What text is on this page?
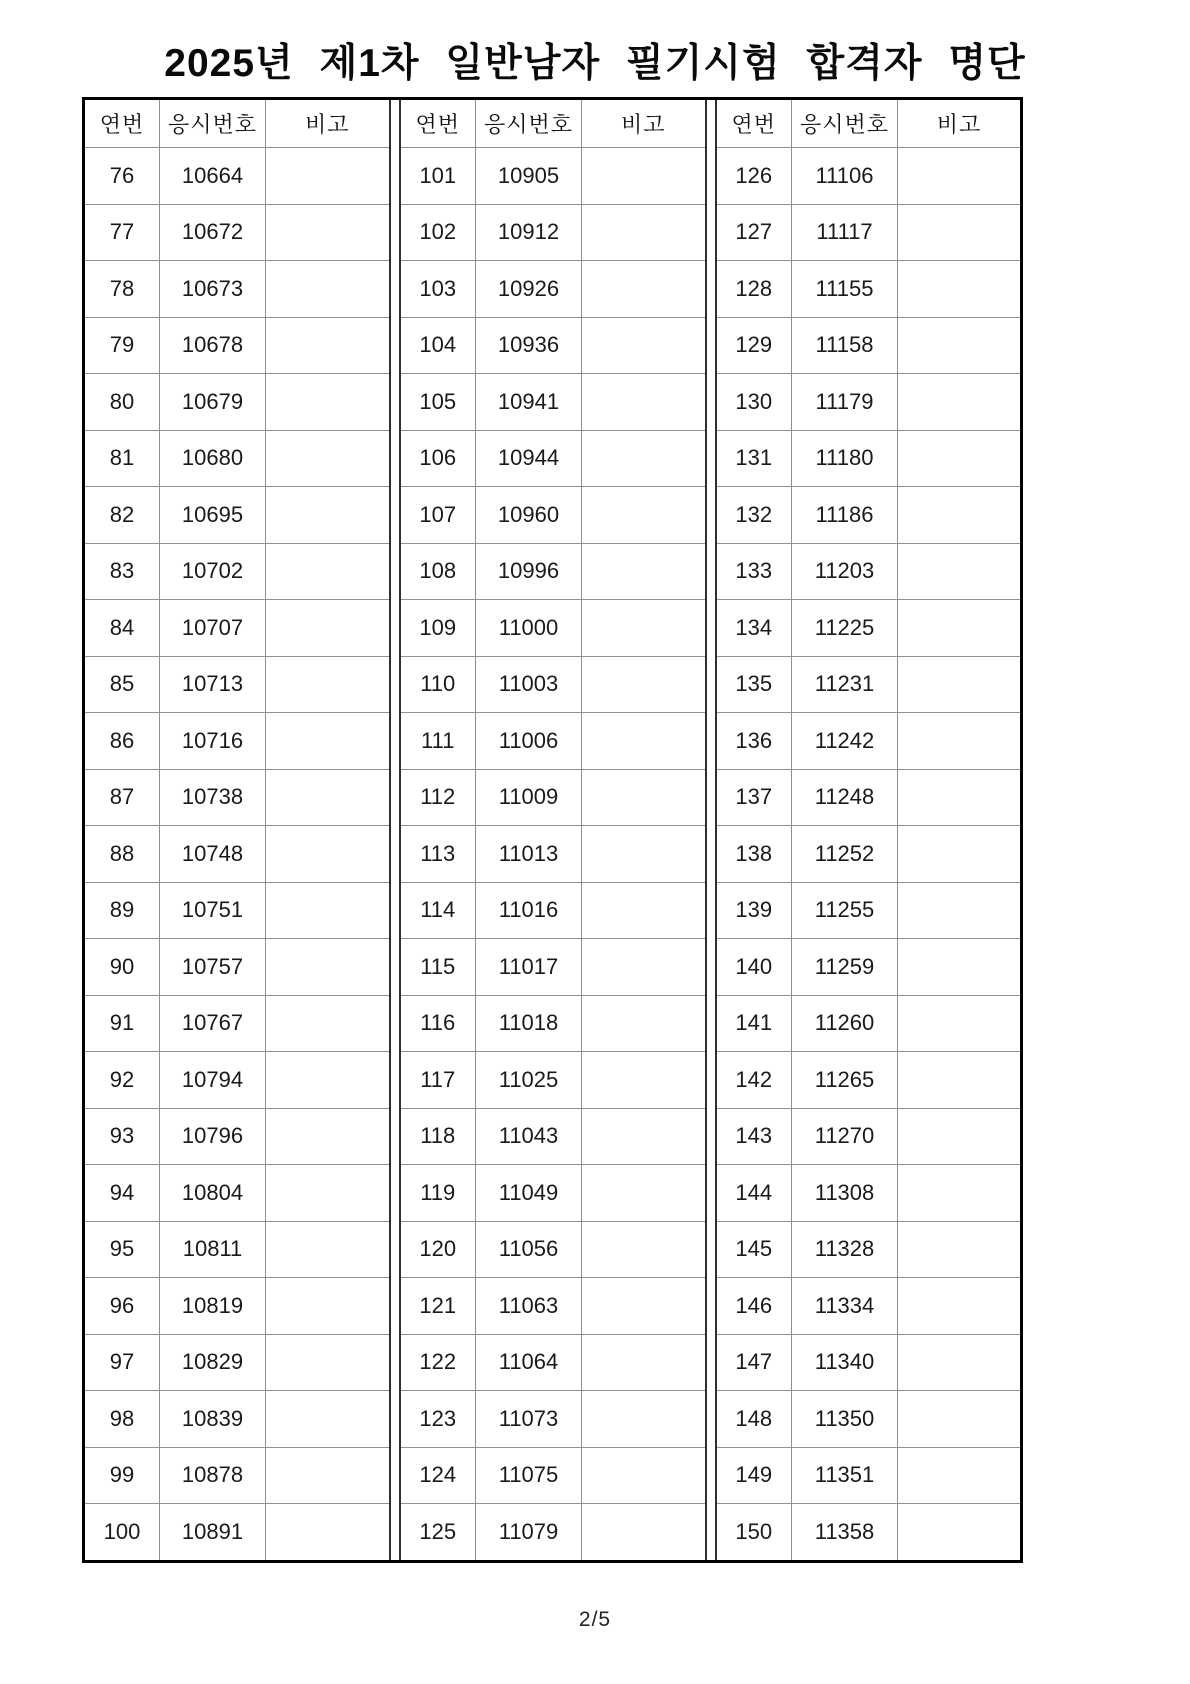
2025년 제1차 일반남자 필기시험 합격자 명단
연번	응시번호	비고		연번	응시번호	비고		연번	응시번호	비고
76	10664			101	10905			126	11106	
77	10672			102	10912			127	11117	
78	10673			103	10926			128	11155	
79	10678			104	10936			129	11158	
80	10679			105	10941			130	11179	
81	10680			106	10944			131	11180	
82	10695			107	10960			132	11186	
83	10702			108	10996			133	11203	
84	10707			109	11000			134	11225	
85	10713			110	11003			135	11231	
86	10716			111	11006			136	11242	
87	10738			112	11009			137	11248	
88	10748			113	11013			138	11252	
89	10751			114	11016			139	11255	
90	10757			115	11017			140	11259	
91	10767			116	11018			141	11260	
92	10794			117	11025			142	11265	
93	10796			118	11043			143	11270	
94	10804			119	11049			144	11308	
95	10811			120	11056			145	11328	
96	10819			121	11063			146	11334	
97	10829			122	11064			147	11340	
98	10839			123	11073			148	11350	
99	10878			124	11075			149	11351	
100	10891			125	11079			150	11358	
2/5
